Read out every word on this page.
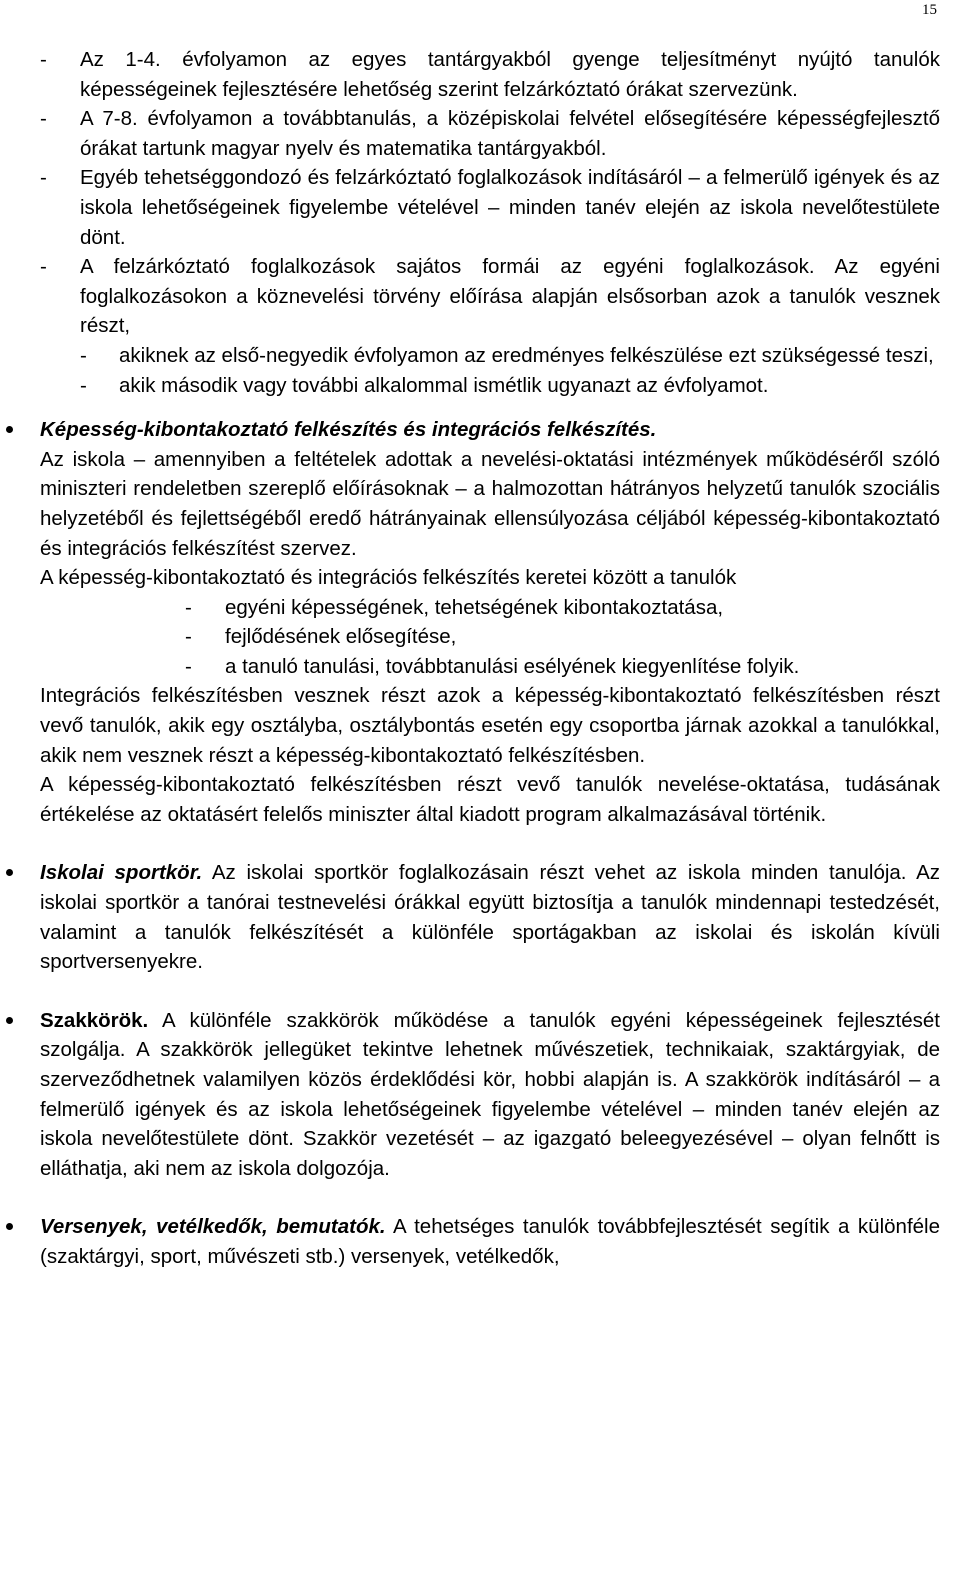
15
-	Az 1-4. évfolyamon az egyes tantárgyakból gyenge teljesítményt nyújtó tanulók képességeinek fejlesztésére lehetőség szerint felzárkóztató órákat szervezünk.
-	A 7-8. évfolyamon a továbbtanulás, a középiskolai felvétel elősegítésére képességfejlesztő órákat tartunk magyar nyelv és matematika tantárgyakból.
-	Egyéb tehetséggondozó és felzárkóztató foglalkozások indításáról – a felmerülő igények és az iskola lehetőségeinek figyelembe vételével – minden tanév elején az iskola nevelőtestülete dönt.
-	A felzárkóztató foglalkozások sajátos formái az egyéni foglalkozások. Az egyéni foglalkozásokon a köznevelési törvény előírása alapján elsősorban azok a tanulók vesznek részt,
-	akiknek az első-negyedik évfolyamon az eredményes felkészülése ezt szükségessé teszi,
-	akik második vagy további alkalommal ismétlik ugyanazt az évfolyamot.
Képesség-kibontakoztató felkészítés és integrációs felkészítés.
Az iskola – amennyiben a feltételek adottak a nevelési-oktatási intézmények működéséről szóló miniszteri rendeletben szereplő előírásoknak – a halmozottan hátrányos helyzetű tanulók szociális helyzetéből és fejlettségéből eredő hátrányainak ellensúlyozása céljából képesség-kibontakoztató és integrációs felkészítést szervez.
A képesség-kibontakoztató és integrációs felkészítés keretei között a tanulók
-	egyéni képességének, tehetségének kibontakoztatása,
-	fejlődésének elősegítése,
-	a tanuló tanulási, továbbtanulási esélyének kiegyenlítése folyik.
Integrációs felkészítésben vesznek részt azok a képesség-kibontakoztató felkészítésben részt vevő tanulók, akik egy osztályba, osztálybontás esetén egy csoportba járnak azokkal a tanulókkal, akik nem vesznek részt a képesség-kibontakoztató felkészítésben.
A képesség-kibontakoztató felkészítésben részt vevő tanulók nevelése-oktatása, tudásának értékelése az oktatásért felelős miniszter által kiadott program alkalmazásával történik.
Iskolai sportkör. Az iskolai sportkör foglalkozásain részt vehet az iskola minden tanulója. Az iskolai sportkör a tanórai testnevelési órákkal együtt biztosítja a tanulók mindennapi testedzését, valamint a tanulók felkészítését a különféle sportágakban az iskolai és iskolán kívüli sportversenyekre.
Szakkörök. A különféle szakkörök működése a tanulók egyéni képességeinek fejlesztését szolgálja. A szakkörök jellegüket tekintve lehetnek művészetiek, technikaiak, szaktárgyiak, de szerveződhetnek valamilyen közös érdeklődési kör, hobbi alapján is. A szakkörök indításáról – a felmerülő igények és az iskola lehetőségeinek figyelembe vételével – minden tanév elején az iskola nevelőtestülete dönt. Szakkör vezetését – az igazgató beleegyezésével – olyan felnőtt is elláthatja, aki nem az iskola dolgozója.
Versenyek, vetélkedők, bemutatók. A tehetséges tanulók továbbfejlesztését segítik a különféle (szaktárgyi, sport, művészeti stb.) versenyek, vetélkedők,
